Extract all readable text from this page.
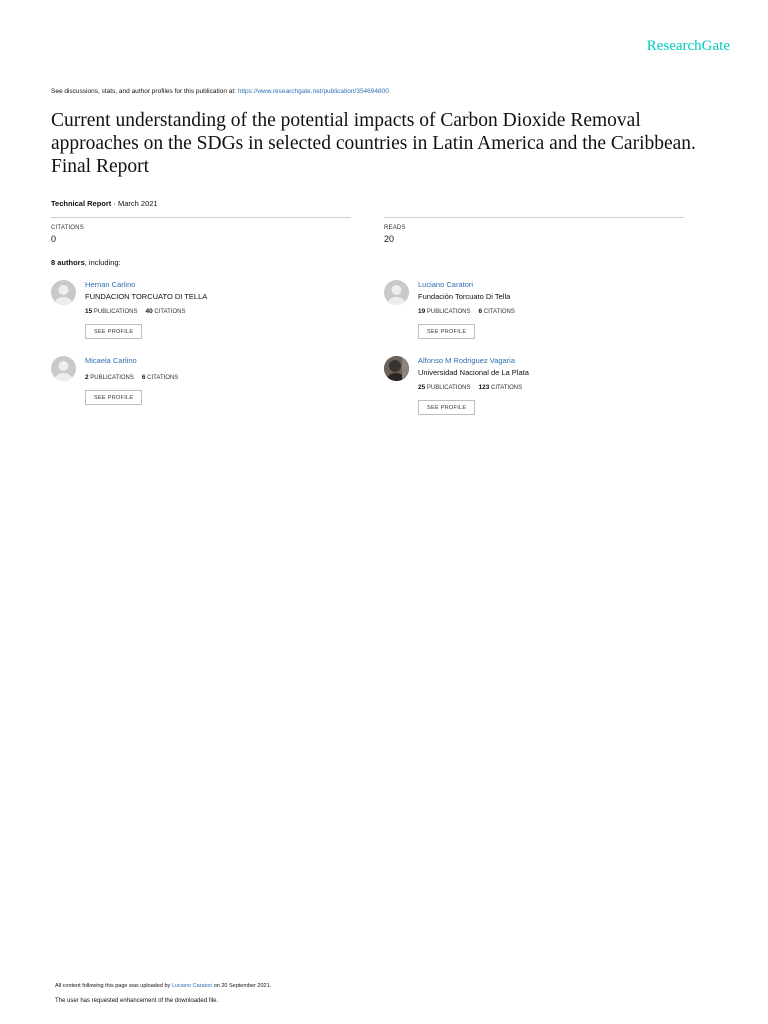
ResearchGate
See discussions, stats, and author profiles for this publication at: https://www.researchgate.net/publication/354694800
Current understanding of the potential impacts of Carbon Dioxide Removal approaches on the SDGs in selected countries in Latin America and the Caribbean. Final Report
Technical Report · March 2021
CITATIONS
0
READS
20
8 authors, including:
Hernan Carlino
FUNDACION TORCUATO DI TELLA
15 PUBLICATIONS 40 CITATIONS
SEE PROFILE
Luciano Caratori
Fundación Torcuato Di Tella
19 PUBLICATIONS 6 CITATIONS
SEE PROFILE
Micaela Carlino
2 PUBLICATIONS 6 CITATIONS
SEE PROFILE
Alfonso M Rodriguez Vagaria
Universidad Nacional de La Plata
25 PUBLICATIONS 123 CITATIONS
SEE PROFILE
All content following this page was uploaded by Luciano Caratori on 20 September 2021.
The user has requested enhancement of the downloaded file.
